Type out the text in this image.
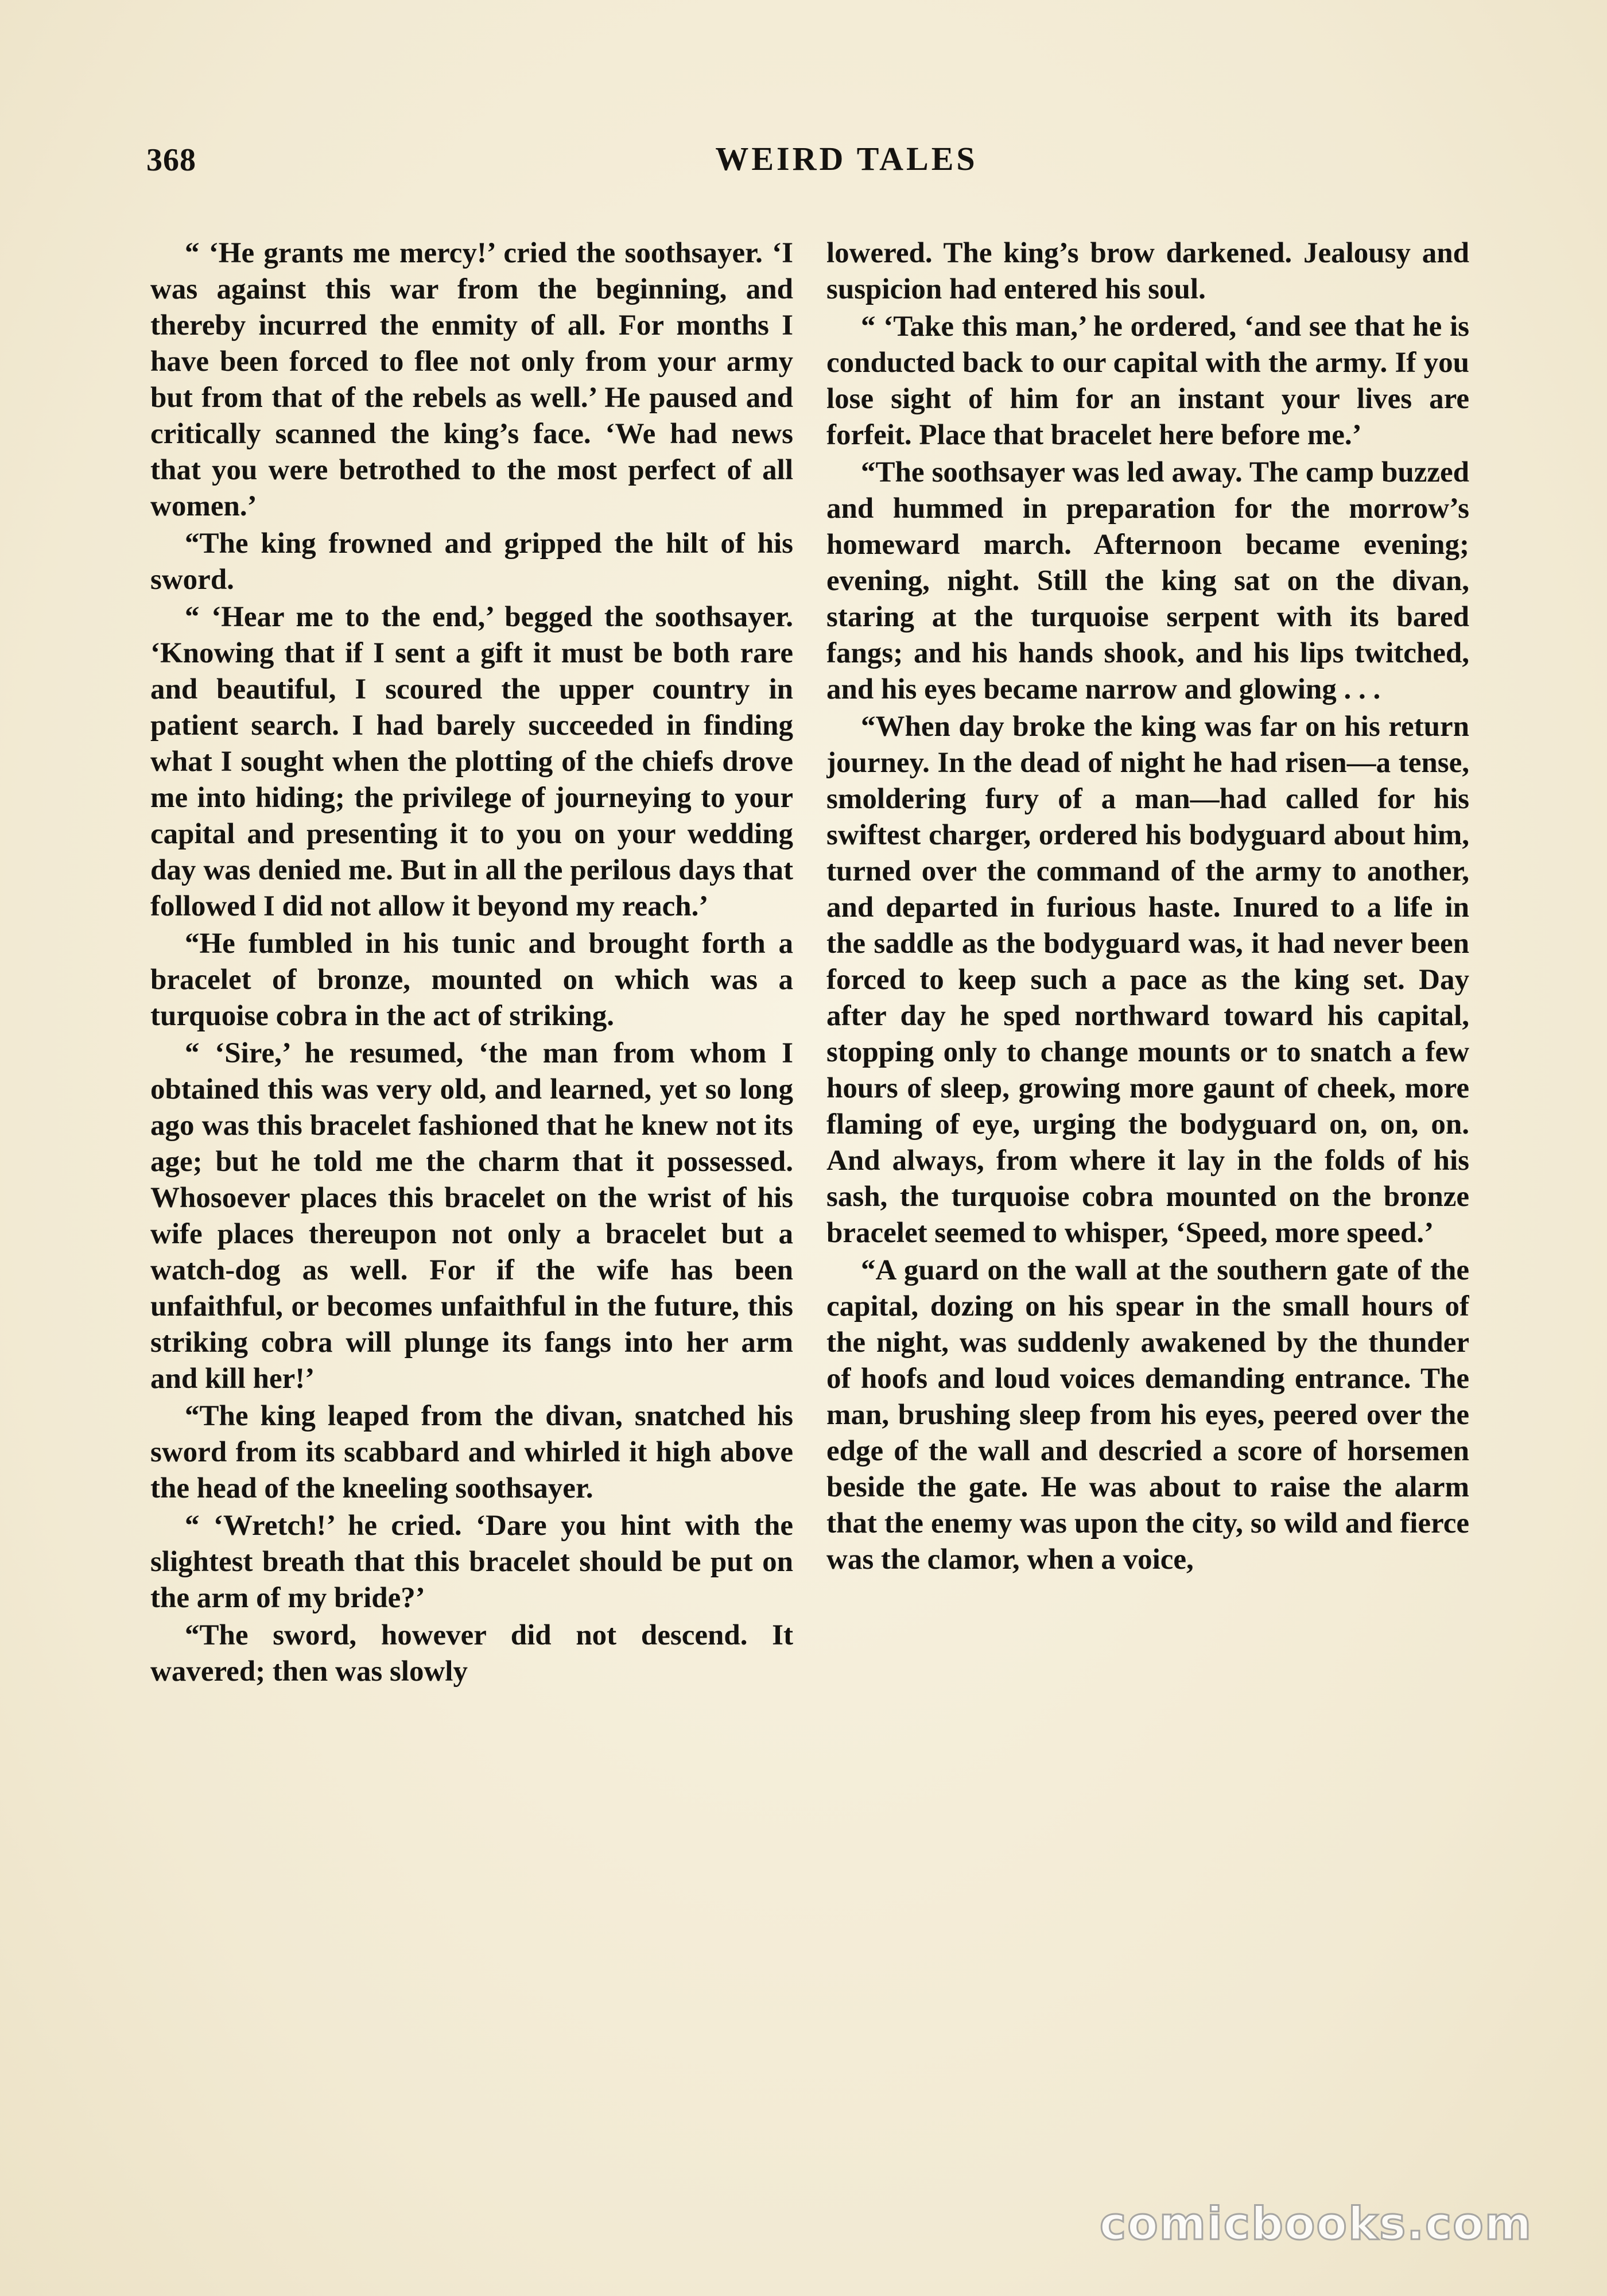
368	WEIRD TALES

“ ‘He grants me mercy!’ cried the soothsayer. ‘I was against this war from the beginning, and thereby incurred the enmity of all. For months I have been forced to flee not only from your army but from that of the rebels as well.’ He paused and critically scanned the king’s face. ‘We had news that you were betrothed to the most perfect of all women.’

“The king frowned and gripped the hilt of his sword.

“ ‘Hear me to the end,’ begged the soothsayer. ‘Knowing that if I sent a gift it must be both rare and beautiful, I scoured the upper country in patient search. I had barely succeeded in finding what I sought when the plotting of the chiefs drove me into hiding; the privilege of journeying to your capital and presenting it to you on your wedding day was denied me. But in all the perilous days that followed I did not allow it beyond my reach.’

“He fumbled in his tunic and brought forth a bracelet of bronze, mounted on which was a turquoise cobra in the act of striking.

“ ‘Sire,’ he resumed, ‘the man from whom I obtained this was very old, and learned, yet so long ago was this bracelet fashioned that he knew not its age; but he told me the charm that it possessed. Whosoever places this bracelet on the wrist of his wife places thereupon not only a bracelet but a watch-dog as well. For if the wife has been unfaithful, or becomes unfaithful in the future, this striking cobra will plunge its fangs into her arm and kill her!’

“The king leaped from the divan, snatched his sword from its scabbard and whirled it high above the head of the kneeling soothsayer.

“ ‘Wretch!’ he cried. ‘Dare you hint with the slightest breath that this bracelet should be put on the arm of my bride?’

“The sword, however did not descend. It wavered; then was slowly

lowered. The king’s brow darkened. Jealousy and suspicion had entered his soul.

“ ‘Take this man,’ he ordered, ‘and see that he is conducted back to our capital with the army. If you lose sight of him for an instant your lives are forfeit. Place that bracelet here before me.’

“The soothsayer was led away. The camp buzzed and hummed in preparation for the morrow’s homeward march. Afternoon became evening; evening, night. Still the king sat on the divan, staring at the turquoise serpent with its bared fangs; and his hands shook, and his lips twitched, and his eyes became narrow and glowing . . .

“When day broke the king was far on his return journey. In the dead of night he had risen—a tense, smoldering fury of a man—had called for his swiftest charger, ordered his bodyguard about him, turned over the command of the army to another, and departed in furious haste. Inured to a life in the saddle as the bodyguard was, it had never been forced to keep such a pace as the king set. Day after day he sped northward toward his capital, stopping only to change mounts or to snatch a few hours of sleep, growing more gaunt of cheek, more flaming of eye, urging the bodyguard on, on, on. And always, from where it lay in the folds of his sash, the turquoise cobra mounted on the bronze bracelet seemed to whisper, ‘Speed, more speed.’

“A guard on the wall at the southern gate of the capital, dozing on his spear in the small hours of the night, was suddenly awakened by the thunder of hoofs and loud voices demanding entrance. The man, brushing sleep from his eyes, peered over the edge of the wall and descried a score of horsemen beside the gate. He was about to raise the alarm that the enemy was upon the city, so wild and fierce was the clamor, when a voice,

comicbooks.com
